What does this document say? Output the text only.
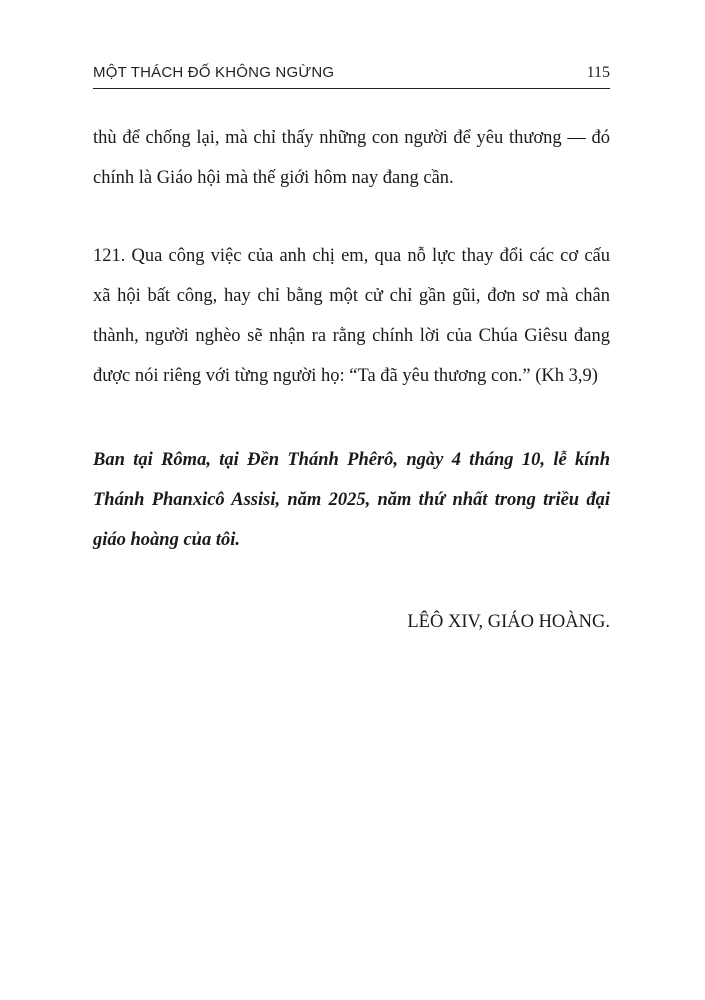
MỘT THÁCH ĐỐ KHÔNG NGỪNG	115

thù để chống lại, mà chỉ thấy những con người để yêu thương — đó
chính là Giáo hội mà thế giới hôm nay đang cần.

121. Qua công việc của anh chị em, qua nỗ lực thay đổi các cơ cấu
xã hội bất công, hay chỉ bằng một cử chỉ gần gũi, đơn sơ mà chân
thành, người nghèo sẽ nhận ra rằng chính lời của Chúa Giêsu đang
được nói riêng với từng người họ: “Ta đã yêu thương con.” (Kh 3,9)

Ban tại Rôma, tại Đền Thánh Phêrô, ngày 4 tháng 10, lễ kính
Thánh Phanxicô Assisi, năm 2025, năm thứ nhất trong triều đại
giáo hoàng của tôi.

LÊÔ XIV, GIÁO HOÀNG.
